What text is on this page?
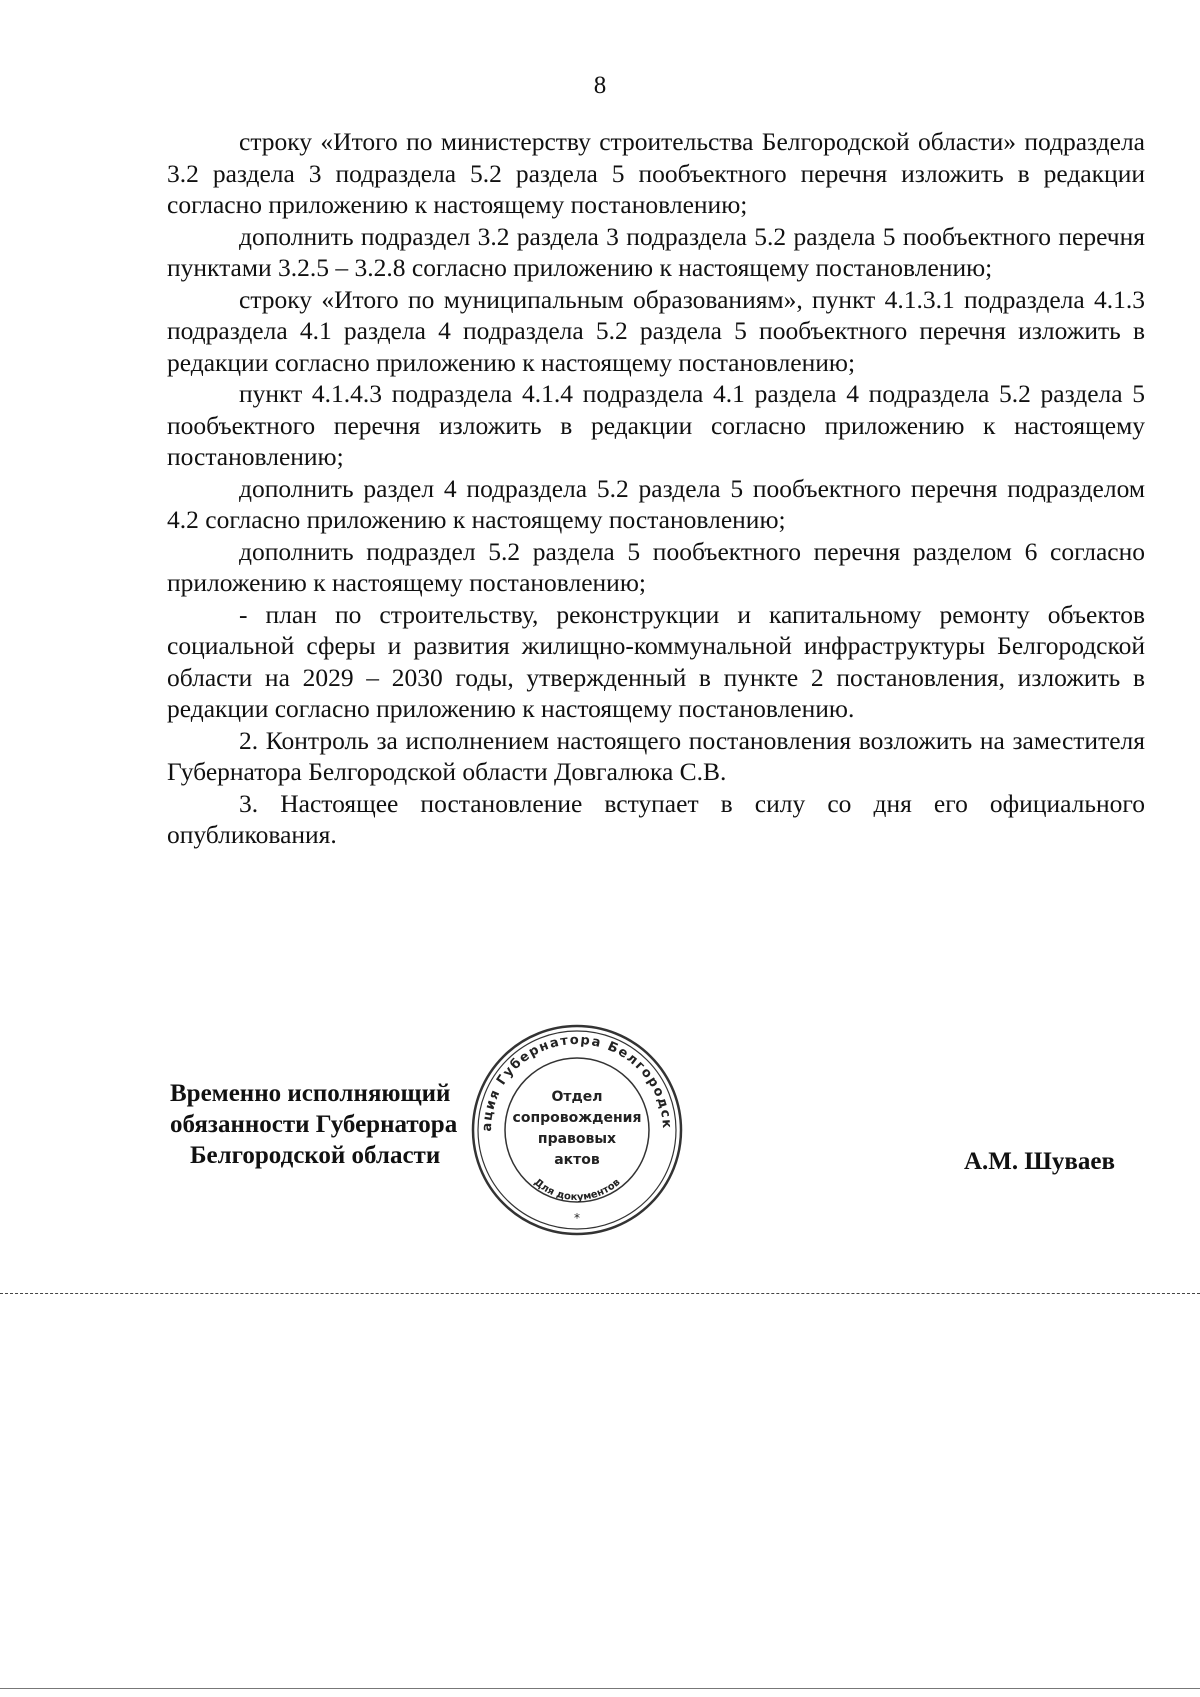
8

строку «Итого по министерству строительства Белгородской области» подраздела 3.2 раздела 3 подраздела 5.2 раздела 5 пообъектного перечня изложить в редакции согласно приложению к настоящему постановлению;

дополнить подраздел 3.2 раздела 3 подраздела 5.2 раздела 5 пообъектного перечня пунктами 3.2.5 – 3.2.8 согласно приложению к настоящему постановлению;

строку «Итого по муниципальным образованиям», пункт 4.1.3.1 подраздела 4.1.3 подраздела 4.1 раздела 4 подраздела 5.2 раздела 5 пообъектного перечня изложить в редакции согласно приложению к настоящему постановлению;

пункт 4.1.4.3 подраздела 4.1.4 подраздела 4.1 раздела 4 подраздела 5.2 раздела 5 пообъектного перечня изложить в редакции согласно приложению к настоящему постановлению;

дополнить раздел 4 подраздела 5.2 раздела 5 пообъектного перечня подразделом 4.2 согласно приложению к настоящему постановлению;

дополнить подраздел 5.2 раздела 5 пообъектного перечня разделом 6 согласно приложению к настоящему постановлению;

- план по строительству, реконструкции и капитальному ремонту объектов социальной сферы и развития жилищно-коммунальной инфраструктуры Белгородской области на 2029 – 2030 годы, утвержденный в пункте 2 постановления, изложить в редакции согласно приложению к настоящему постановлению.

2. Контроль за исполнением настоящего постановления возложить на заместителя Губернатора Белгородской области Довгалюка С.В.

3. Настоящее постановление вступает в силу со дня его официального опубликования.

Временно исполняющий
обязанности Губернатора
Белгородской области
ация Губернатора Белгородск
Отдел
сопровождения
правовых
актов
Для документов
*
А.М. Шуваев
